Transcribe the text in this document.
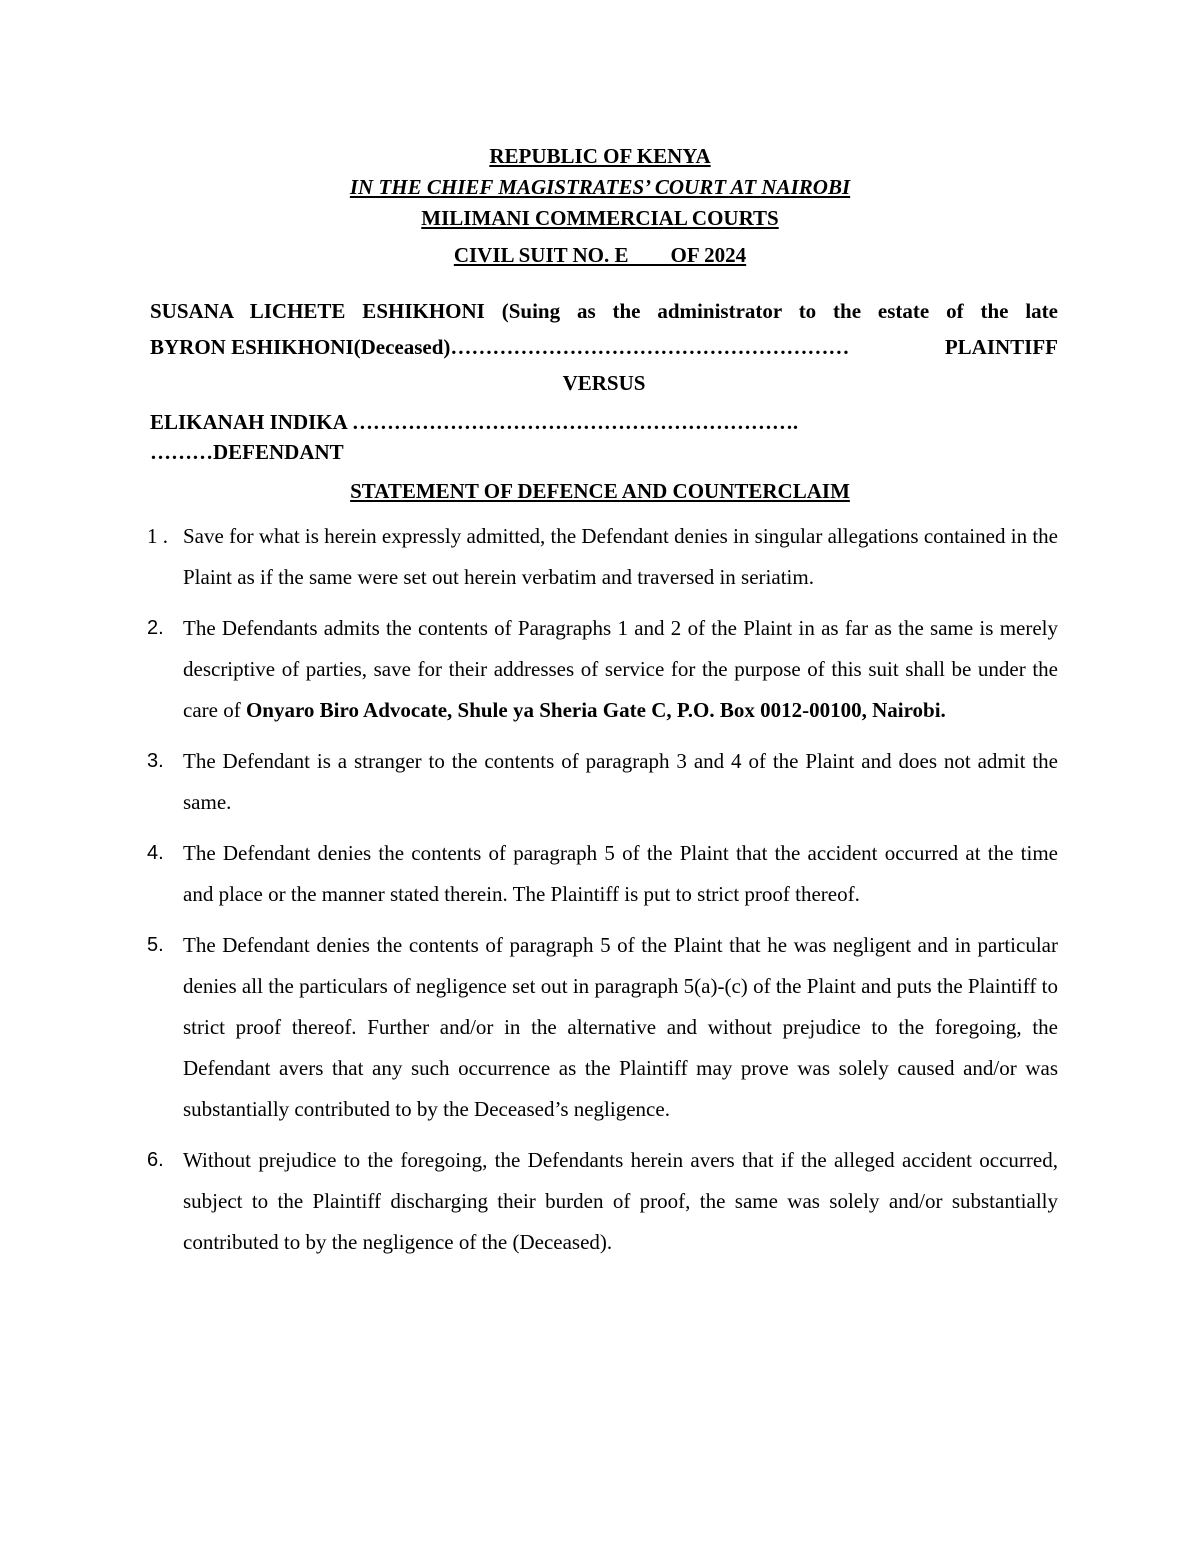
REPUBLIC OF KENYA
IN THE CHIEF MAGISTRATES’ COURT AT NAIROBI
MILIMANI COMMERCIAL COURTS
CIVIL SUIT NO. E OF 2024
SUSANA LICHETE ESHIKHONI (Suing as the administrator to the estate of the late
BYRON ESHIKHONI(Deceased)…………………………………………………	PLAINTIFF
VERSUS
ELIKANAH INDIKA ……………………………………………………….
………DEFENDANT
STATEMENT OF DEFENCE AND COUNTERCLAIM
1 . Save for what is herein expressly admitted, the Defendant denies in singular allegations contained in the Plaint as if the same were set out herein verbatim and traversed in seriatim.
2. The Defendants admits the contents of Paragraphs 1 and 2 of the Plaint in as far as the same is merely descriptive of parties, save for their addresses of service for the purpose of this suit shall be under the care of Onyaro Biro Advocate, Shule ya Sheria Gate C, P.O. Box 0012-00100, Nairobi.
3. The Defendant is a stranger to the contents of paragraph 3 and 4 of the Plaint and does not admit the same.
4. The Defendant denies the contents of paragraph 5 of the Plaint that the accident occurred at the time and place or the manner stated therein. The Plaintiff is put to strict proof thereof.
5. The Defendant denies the contents of paragraph 5 of the Plaint that he was negligent and in particular denies all the particulars of negligence set out in paragraph 5(a)-(c) of the Plaint and puts the Plaintiff to strict proof thereof. Further and/or in the alternative and without prejudice to the foregoing, the Defendant avers that any such occurrence as the Plaintiff may prove was solely caused and/or was substantially contributed to by the Deceased’s negligence.
6. Without prejudice to the foregoing, the Defendants herein avers that if the alleged accident occurred, subject to the Plaintiff discharging their burden of proof, the same was solely and/or substantially contributed to by the negligence of the (Deceased).
